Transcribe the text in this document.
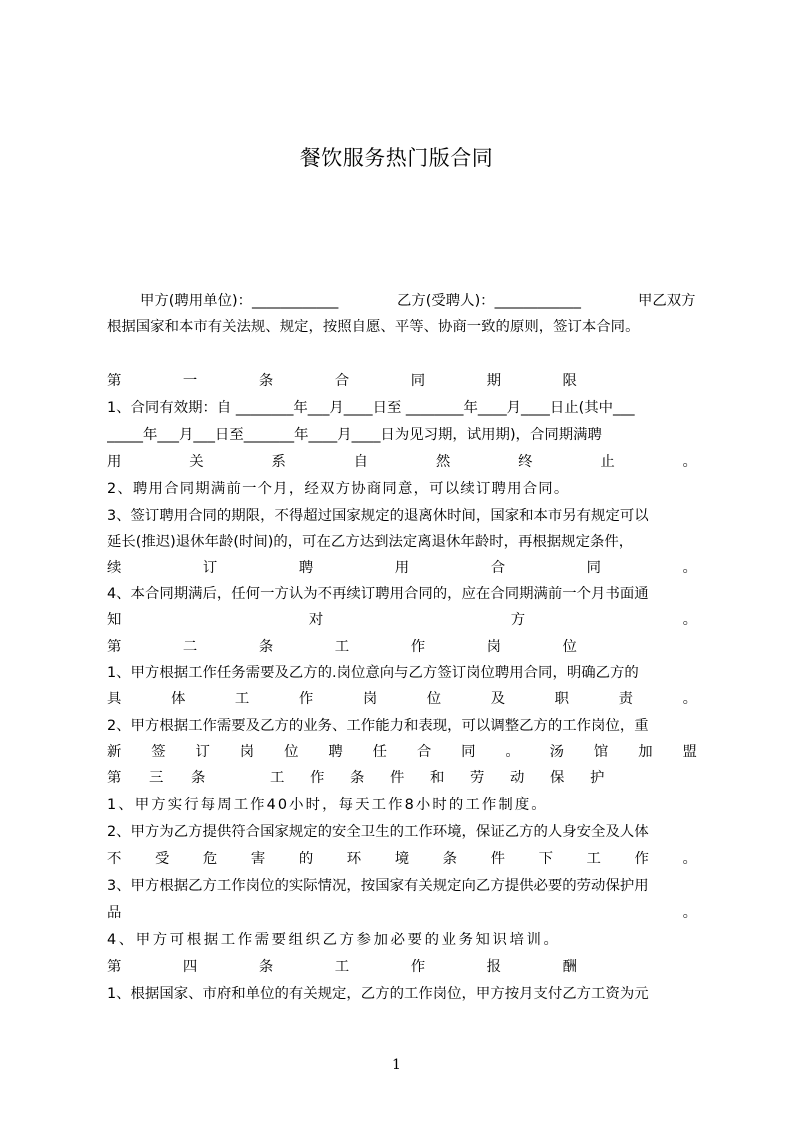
餐饮服务热门版合同
甲方(聘用单位)：____________	乙方(受聘人)：____________	甲乙双方
根据国家和本市有关法规、规定，按照自愿、平等、协商一致的原则，签订本合同。
第	一	条	合	同	期	限
1、合同有效期：自 ________年___月____日至 ________年____月____日止(其中___
_____年___月___日至_______年____月____日为见习期，试用期)，合同期满聘
用	关	系	自	然	终	止	。
2、聘用合同期满前一个月，经双方协商同意，可以续订聘用合同。
3、签订聘用合同的期限，不得超过国家规定的退离休时间，国家和本市另有规定可以
延长(推迟)退休年龄(时间)的，可在乙方达到法定离退休年龄时，再根据规定条件，
续	订	聘	用	合	同	。
4、本合同期满后，任何一方认为不再续订聘用合同的，应在合同期满前一个月书面通
知	对	方	。
第	二	条	工	作	岗	位
1、甲方根据工作任务需要及乙方的.岗位意向与乙方签订岗位聘用合同，明确乙方的
具	体	工	作	岗	位	及	职	责	。
2、甲方根据工作需要及乙方的业务、工作能力和表现，可以调整乙方的工作岗位，重
新 签 订 岗 位 聘 任 合 同 。 汤 馆 加 盟
第 三 条	工 作 条 件 和 劳 动 保 护
1、甲方实行每周工作40小时，每天工作8小时的工作制度。
2、甲方为乙方提供符合国家规定的安全卫生的工作环境，保证乙方的人身安全及人体
不 受 危 害 的 环 境 条 件 下 工 作 。
3、甲方根据乙方工作岗位的实际情况，按国家有关规定向乙方提供必要的劳动保护用
品	。
4、甲方可根据工作需要组织乙方参加必要的业务知识培训。
第	四	条	工	作	报	酬
1、根据国家、市府和单位的有关规定，乙方的工作岗位，甲方按月支付乙方工资为元
1
